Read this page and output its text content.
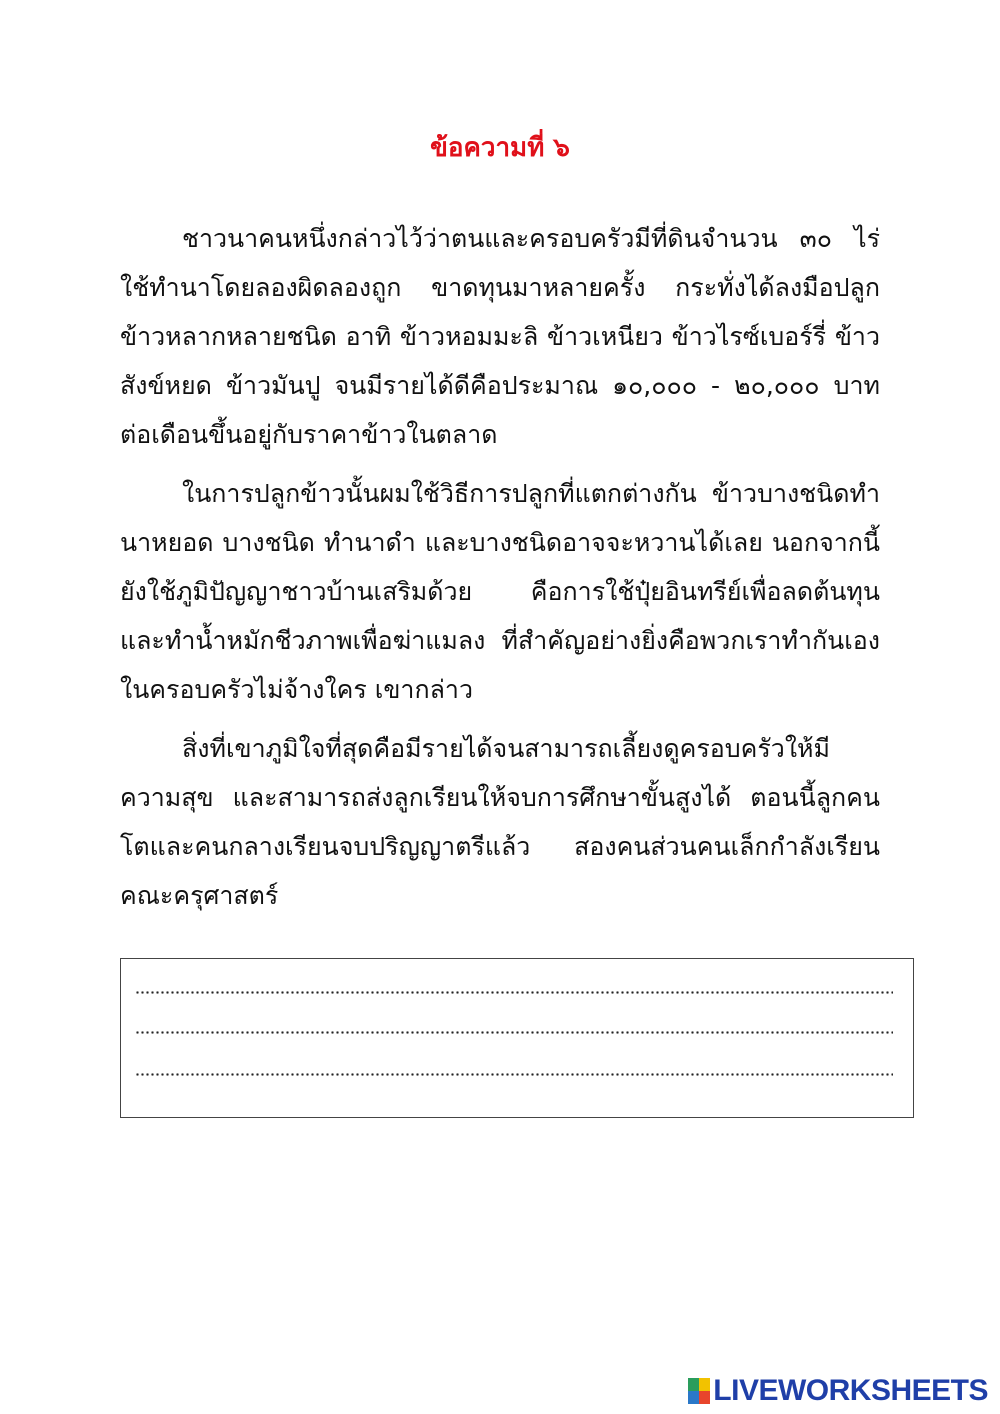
ข้อความที่ ๖

ชาวนาคนหนึ่งกล่าวไว้ว่าตนและครอบครัวมีที่ดินจำนวน ๓๐ ไร่ ใช้ทำนาโดยลองผิดลองถูก ขาดทุนมาหลายครั้ง กระทั่งได้ลงมือปลูกข้าวหลากหลายชนิด อาทิ ข้าวหอมมะลิ ข้าวเหนียว ข้าวไรซ์เบอร์รี่ ข้าวสังข์หยด ข้าวมันปู จนมีรายได้ดีคือประมาณ ๑๐,๐๐๐ - ๒๐,๐๐๐ บาท ต่อเดือนขึ้นอยู่กับราคาข้าวในตลาด

ในการปลูกข้าวนั้นผมใช้วิธีการปลูกที่แตกต่างกัน ข้าวบางชนิดทำนาหยอด บางชนิด ทำนาดำ และบางชนิดอาจจะหวานได้เลย นอกจากนี้ยังใช้ภูมิปัญญาชาวบ้านเสริมด้วย คือการใช้ปุ๋ยอินทรีย์เพื่อลดต้นทุน และทำน้ำหมักชีวภาพเพื่อฆ่าแมลง ที่สำคัญอย่างยิ่งคือพวกเราทำกันเองในครอบครัวไม่จ้างใคร เขากล่าว

สิ่งที่เขาภูมิใจที่สุดคือมีรายได้จนสามารถเลี้ยงดูครอบครัวให้มีความสุข และสามารถส่งลูกเรียนให้จบการศึกษาขั้นสูงได้ ตอนนี้ลูกคนโตและคนกลางเรียนจบปริญญาตรีแล้ว สองคนส่วนคนเล็กกำลังเรียนคณะครุศาสตร์

LIVEWORKSHEETS
